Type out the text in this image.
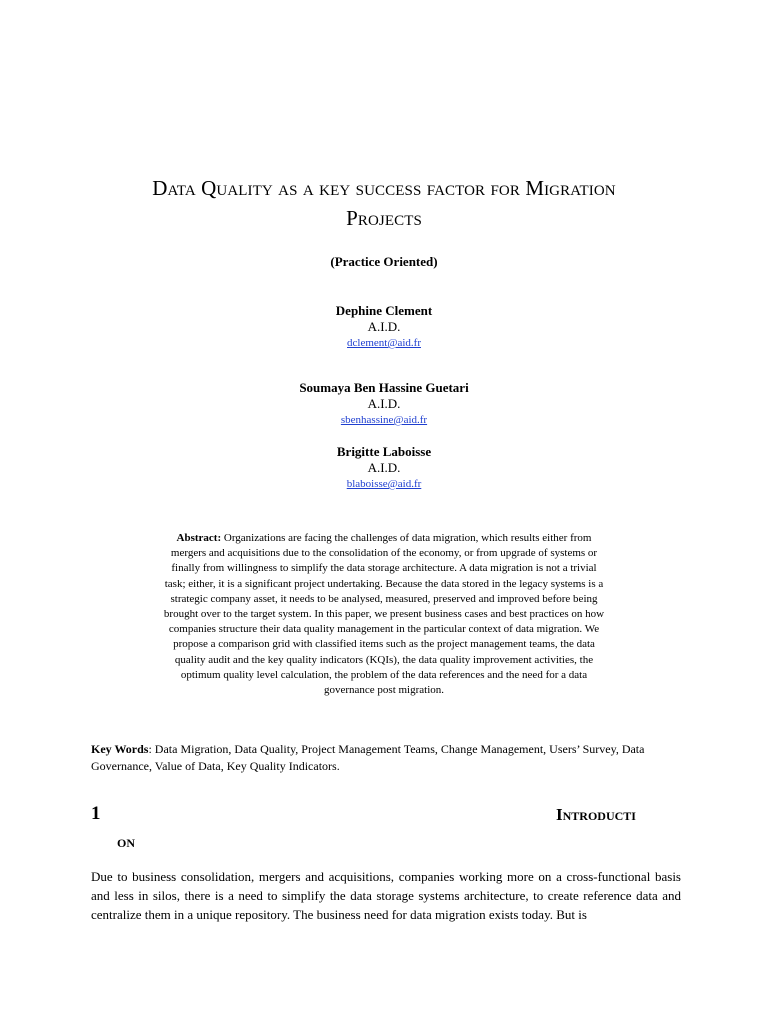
Data Quality as a key success factor for Migration
Projects
(Practice Oriented)
Dephine Clement
A.I.D.
dclement@aid.fr
Soumaya Ben Hassine Guetari
A.I.D.
sbenhassine@aid.fr
Brigitte Laboisse
A.I.D.
blaboisse@aid.fr
Abstract: Organizations are facing the challenges of data migration, which results either from
mergers and acquisitions due to the consolidation of the economy, or from upgrade of systems or
finally from willingness to simplify the data storage architecture. A data migration is not a trivial
task; either, it is a significant project undertaking. Because the data stored in the legacy systems is a
strategic company asset, it needs to be analysed, measured, preserved and improved before being
brought over to the target system. In this paper, we present business cases and best practices on how
companies structure their data quality management in the particular context of data migration. We
propose a comparison grid with classified items such as the project management teams, the data
quality audit and the key quality indicators (KQIs), the data quality improvement activities, the
optimum quality level calculation, the problem of the data references and the need for a data
governance post migration.
Key Words: Data Migration, Data Quality, Project Management Teams, Change Management, Users’ Survey, Data Governance, Value of Data, Key Quality Indicators.
1	Introducti
on
Due to business consolidation, mergers and acquisitions, companies working more on a cross-functional basis and less in silos, there is a need to simplify the data storage systems architecture, to create reference data and centralize them in a unique repository. The business need for data migration exists today. But is
